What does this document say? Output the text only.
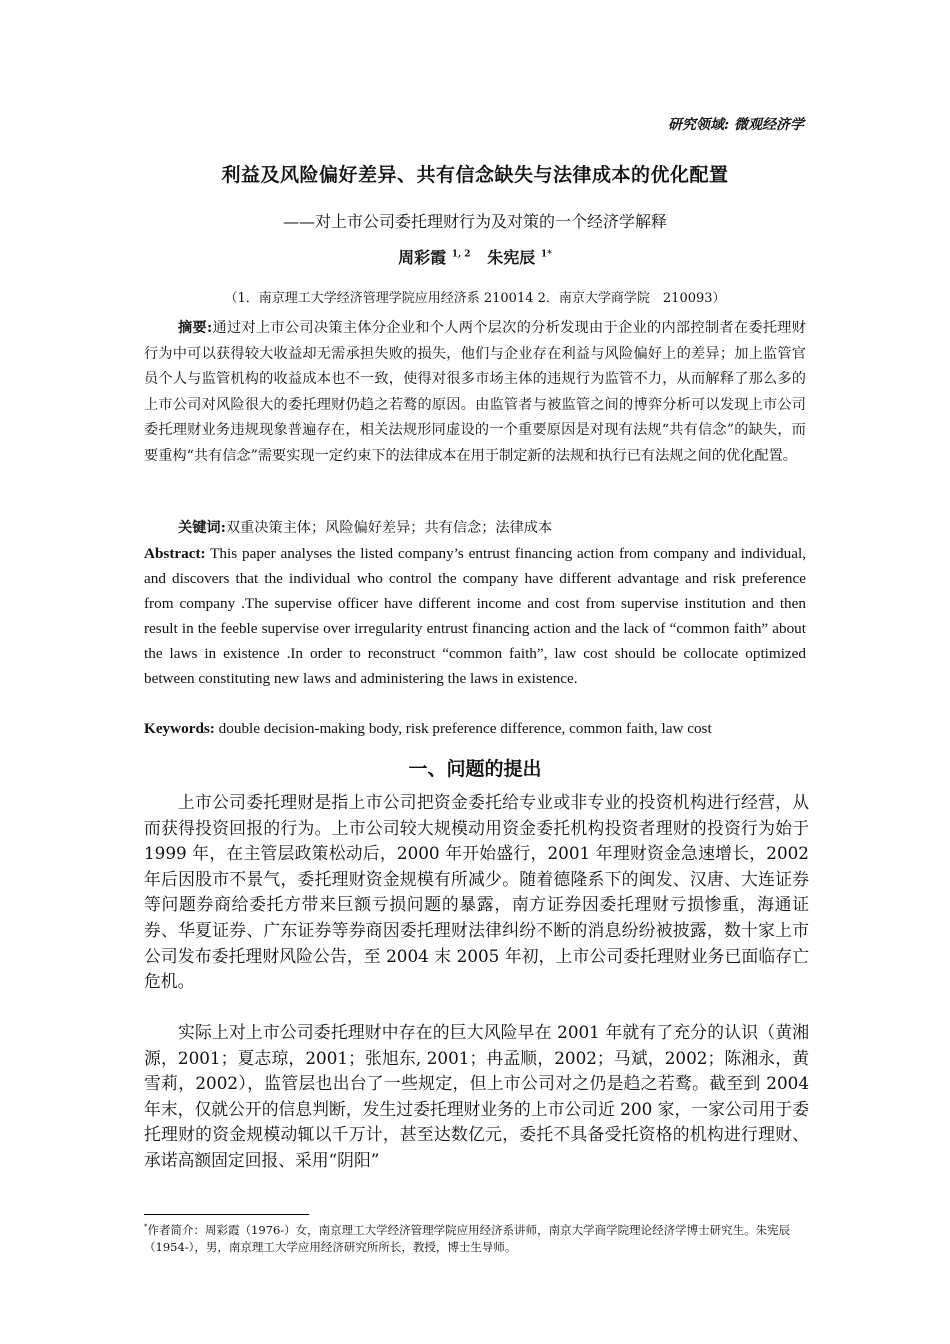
研究领域: 微观经济学
利益及风险偏好差异、共有信念缺失与法律成本的优化配置
——对上市公司委托理财行为及对策的一个经济学解释
周彩霞 $^{1, 2}$ 朱宪辰 $^{1*}$
（1．南京理工大学经济管理学院应用经济系 210014 2．南京大学商学院　210093）

摘要:通过对上市公司决策主体分企业和个人两个层次的分析发现由于企业的内部控制者在委托理财行为中可以获得较大收益却无需承担失败的损失，他们与企业存在利益与风险偏好上的差异；加上监管官员个人与监管机构的收益成本也不一致，使得对很多市场主体的违规行为监管不力，从而解释了那么多的上市公司对风险很大的委托理财仍趋之若鹜的原因。由监管者与被监管之间的博弈分析可以发现上市公司委托理财业务违规现象普遍存在，相关法规形同虚设的一个重要原因是对现有法规“共有信念”的缺失，而要重构“共有信念”需要实现一定约束下的法律成本在用于制定新的法规和执行已有法规之间的优化配置。

关键词:双重决策主体；风险偏好差异；共有信念；法律成本

Abstract: This paper analyses the listed company’s entrust financing action from company and individual, and discovers that the individual who control the company have different advantage and risk preference from company .The supervise officer have different income and cost from supervise institution and then result in the feeble supervise over irregularity entrust financing action and the lack of “common faith” about the laws in existence .In order to reconstruct “common faith”, law cost should be collocate optimized between constituting new laws and administering the laws in existence.

Keywords: double decision-making body, risk preference difference, common faith, law cost

一、问题的提出

上市公司委托理财是指上市公司把资金委托给专业或非专业的投资机构进行经营，从而获得投资回报的行为。上市公司较大规模动用资金委托机构投资者理财的投资行为始于 1999 年，在主管层政策松动后，2000 年开始盛行，2001 年理财资金急速增长，2002 年后因股市不景气，委托理财资金规模有所减少。随着德隆系下的闽发、汉唐、大连证券等问题券商给委托方带来巨额亏损问题的暴露，南方证券因委托理财亏损惨重，海通证券、华夏证券、广东证券等券商因委托理财法律纠纷不断的消息纷纷被披露，数十家上市公司发布委托理财风险公告，至 2004 末 2005 年初，上市公司委托理财业务已面临存亡危机。

实际上对上市公司委托理财中存在的巨大风险早在 2001 年就有了充分的认识（黄湘源，2001；夏志琼，2001；张旭东, 2001；冉孟顺，2002；马斌，2002；陈湘永，黄雪莉，2002），监管层也出台了一些规定，但上市公司对之仍是趋之若鹜。截至到 2004 年末，仅就公开的信息判断，发生过委托理财业务的上市公司近 200 家，一家公司用于委托理财的资金规模动辄以千万计，甚至达数亿元，委托不具备受托资格的机构进行理财、承诺高额固定回报、采用“阴阳”

*作者简介：周彩霞（1976-）女，南京理工大学经济管理学院应用经济系讲师，南京大学商学院理论经济学博士研究生。朱宪辰（1954-），男，南京理工大学应用经济研究所所长，教授，博士生导师。
